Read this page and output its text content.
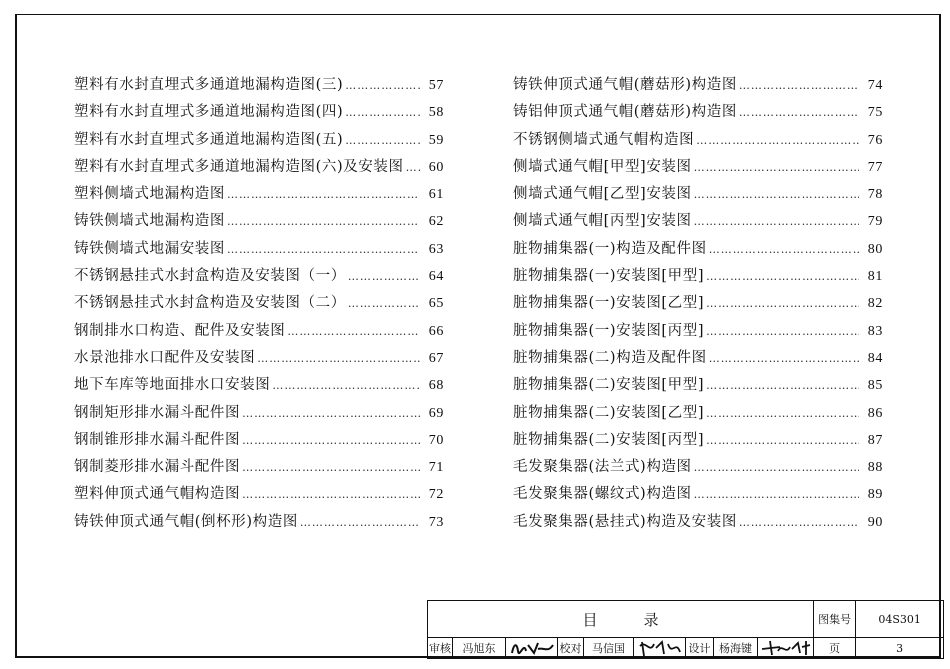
塑料有水封直埋式多通道地漏构造图(三) ……………………………………………………………………………………………………………………………………	57
塑料有水封直埋式多通道地漏构造图(四) ……………………………………………………………………………………………………………………………………	58
塑料有水封直埋式多通道地漏构造图(五) ……………………………………………………………………………………………………………………………………	59
塑料有水封直埋式多通道地漏构造图(六)及安装图 ……………………………………………………………………………………………………………………………………	60
塑料侧墙式地漏构造图 ……………………………………………………………………………………………………………………………………	61
铸铁侧墙式地漏构造图 ……………………………………………………………………………………………………………………………………	62
铸铁侧墙式地漏安装图 ……………………………………………………………………………………………………………………………………	63
不锈钢悬挂式水封盒构造及安装图（一） ……………………………………………………………………………………………………………………………………	64
不锈钢悬挂式水封盒构造及安装图（二） ……………………………………………………………………………………………………………………………………	65
钢制排水口构造、配件及安装图 ……………………………………………………………………………………………………………………………………	66
水景池排水口配件及安装图 ……………………………………………………………………………………………………………………………………	67
地下车库等地面排水口安装图 ……………………………………………………………………………………………………………………………………	68
钢制矩形排水漏斗配件图 ……………………………………………………………………………………………………………………………………	69
钢制锥形排水漏斗配件图 ……………………………………………………………………………………………………………………………………	70
钢制菱形排水漏斗配件图 ……………………………………………………………………………………………………………………………………	71
塑料伸顶式通气帽构造图 ……………………………………………………………………………………………………………………………………	72
铸铁伸顶式通气帽(倒杯形)构造图 ……………………………………………………………………………………………………………………………………	73
铸铁伸顶式通气帽(蘑菇形)构造图 ……………………………………………………………………………………………………………………………………	74
铸铝伸顶式通气帽(蘑菇形)构造图 ……………………………………………………………………………………………………………………………………	75
不锈钢侧墙式通气帽构造图 ……………………………………………………………………………………………………………………………………	76
侧墙式通气帽[甲型]安装图 ……………………………………………………………………………………………………………………………………	77
侧墙式通气帽[乙型]安装图 ……………………………………………………………………………………………………………………………………	78
侧墙式通气帽[丙型]安装图 ……………………………………………………………………………………………………………………………………	79
脏物捕集器(一)构造及配件图 ……………………………………………………………………………………………………………………………………	80
脏物捕集器(一)安装图[甲型] ……………………………………………………………………………………………………………………………………	81
脏物捕集器(一)安装图[乙型] ……………………………………………………………………………………………………………………………………	82
脏物捕集器(一)安装图[丙型] ……………………………………………………………………………………………………………………………………	83
脏物捕集器(二)构造及配件图 ……………………………………………………………………………………………………………………………………	84
脏物捕集器(二)安装图[甲型] ……………………………………………………………………………………………………………………………………	85
脏物捕集器(二)安装图[乙型] ……………………………………………………………………………………………………………………………………	86
脏物捕集器(二)安装图[丙型] ……………………………………………………………………………………………………………………………………	87
毛发聚集器(法兰式)构造图 ……………………………………………………………………………………………………………………………………	88
毛发聚集器(螺纹式)构造图 ……………………………………………………………………………………………………………………………………	89
毛发聚集器(悬挂式)构造及安装图 ……………………………………………………………………………………………………………………………………	90
目录									图集号	04S301
审核	冯旭东		校对	马信国		设计	杨海键		页	3
